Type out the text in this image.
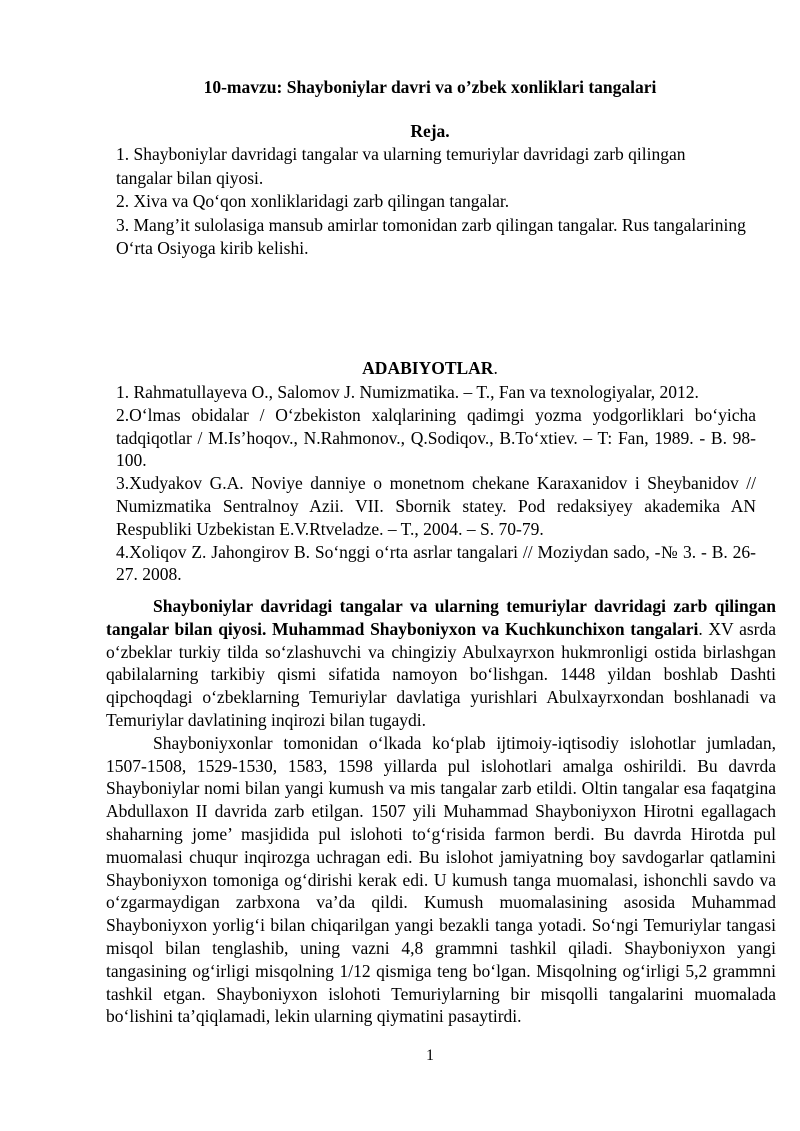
10-mavzu: Shayboniylar davri va o’zbek xonliklari tangalari
Reja.
1. Shayboniylar davridagi tangalar va ularning temuriylar davridagi zarb qilingan tangalar bilan qiyosi.
2. Xiva va Qo‘qon xonliklaridagi zarb qilingan tangalar.
3. Mang’it sulolasiga mansub amirlar tomonidan zarb qilingan tangalar. Rus tangalarining O‘rta Osiyoga kirib kelishi.
ADABIYOTLAR.
1. Rahmatullayeva O., Salomov J. Numizmatika. – T., Fan va texnologiyalar, 2012.
2.O‘lmas obidalar / O‘zbekiston xalqlarining qadimgi yozma yodgorliklari bo‘yicha tadqiqotlar / M.Is’hoqov., N.Rahmonov., Q.Sodiqov., B.To‘xtiev. – T: Fan, 1989. - B. 98-100.
3.Xudyakov G.A. Noviye danniye o monetnom chekane Karaxanidov i Sheybanidov // Numizmatika Sentralnoy Azii. VII. Sbornik statey. Pod redaksiyey akademika AN Respubliki Uzbekistan E.V.Rtveladze. – T., 2004. – S. 70-79.
4.Xoliqov Z. Jahongirov B. So‘nggi o‘rta asrlar tangalari // Moziydan sado, -№ 3. - B. 26-27. 2008.

Shayboniylar davridagi tangalar va ularning temuriylar davridagi zarb qilingan tangalar bilan qiyosi. Muhammad Shayboniyxon va Kuchkunchixon tangalari. XV asrda o‘zbeklar turkiy tilda so‘zlashuvchi va chingiziy Abulxayrxon hukmronligi ostida birlashgan qabilalarning tarkibiy qismi sifatida namoyon bo‘lishgan. 1448 yildan boshlab Dashti qipchoqdagi o‘zbeklarning Temuriylar davlatiga yurishlari Abulxayrxondan boshlanadi va Temuriylar davlatining inqirozi bilan tugaydi.

Shayboniyxonlar tomonidan o‘lkada ko‘plab ijtimoiy-iqtisodiy islohotlar jumladan, 1507-1508, 1529-1530, 1583, 1598 yillarda pul islohotlari amalga oshirildi. Bu davrda Shayboniylar nomi bilan yangi kumush va mis tangalar zarb etildi. Oltin tangalar esa faqatgina Abdullaxon II davrida zarb etilgan. 1507 yili Muhammad Shayboniyxon Hirotni egallagach shaharning jome’ masjidida pul islohoti to‘g‘risida farmon berdi. Bu davrda Hirotda pul muomalasi chuqur inqirozga uchragan edi. Bu islohot jamiyatning boy savdogarlar qatlamini Shayboniyxon tomoniga og‘dirishi kerak edi. U kumush tanga muomalasi, ishonchli savdo va o‘zgarmaydigan zarbxona va’da qildi. Kumush muomalasining asosida Muhammad Shayboniyxon yorlig‘i bilan chiqarilgan yangi bezakli tanga yotadi. So‘ngi Temuriylar tangasi misqol bilan tenglashib, uning vazni 4,8 grammni tashkil qiladi. Shayboniyxon yangi tangasining og‘irligi misqolning 1/12 qismiga teng bo‘lgan. Misqolning og‘irligi 5,2 grammni tashkil etgan. Shayboniyxon islohoti Temuriylarning bir misqolli tangalarini muomalada bo‘lishini ta’qiqlamadi, lekin ularning qiymatini pasaytirdi.

1
